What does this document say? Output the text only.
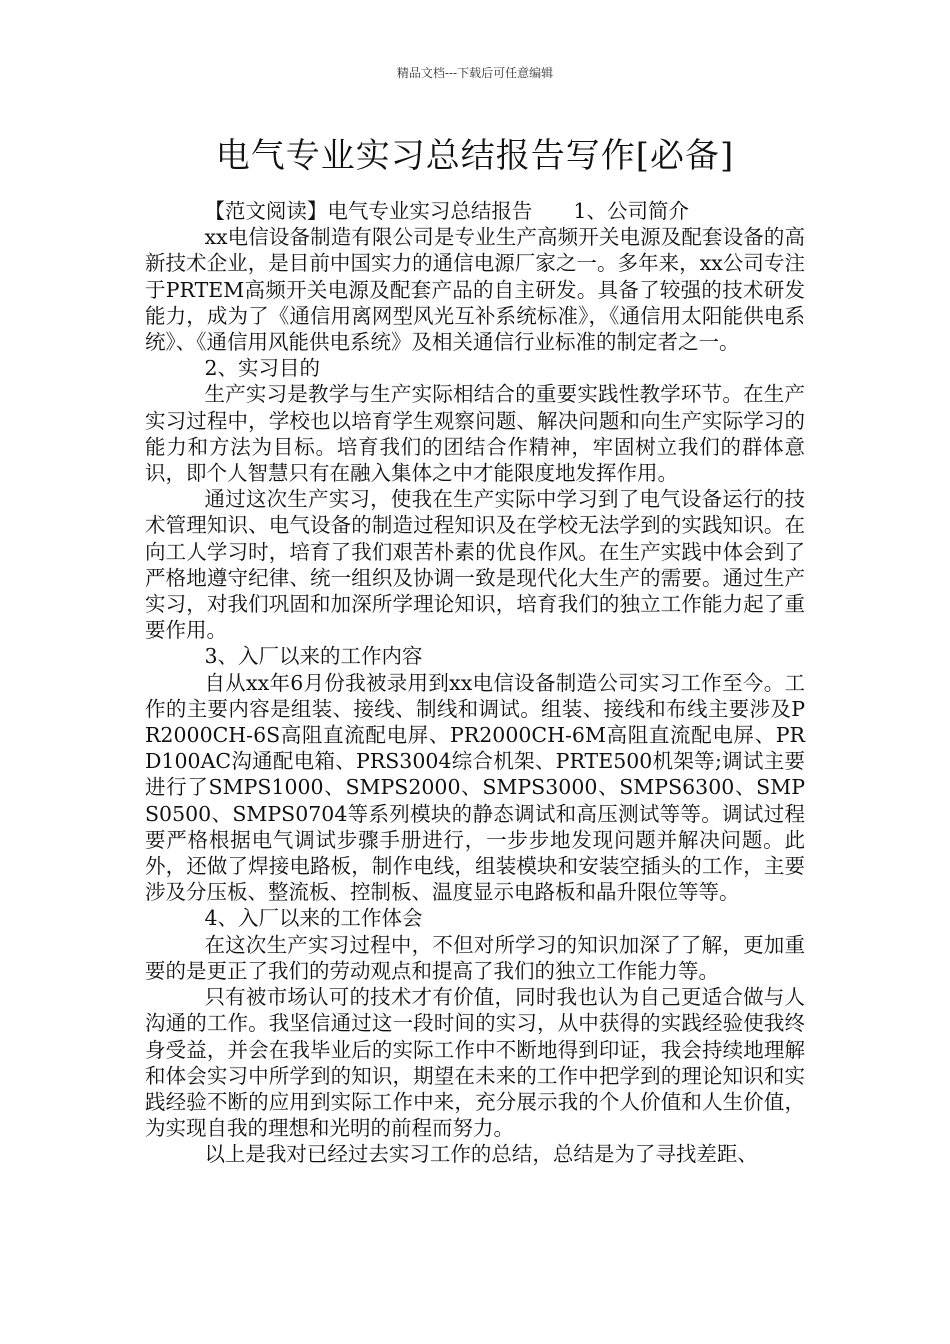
精品文档---下载后可任意编辑
电气专业实习总结报告写作[必备]

【范文阅读】电气专业实习总结报告　　1、公司简介

xx电信设备制造有限公司是专业生产高频开关电源及配套设备的高新技术企业，是目前中国实力的通信电源厂家之一。多年来，xx公司专注于PRTEM高频开关电源及配套产品的自主研发。具备了较强的技术研发能力，成为了《通信用离网型风光互补系统标准》，《通信用太阳能供电系统》、《通信用风能供电系统》及相关通信行业标准的制定者之一。

2、实习目的

生产实习是教学与生产实际相结合的重要实践性教学环节。在生产实习过程中，学校也以培育学生观察问题、解决问题和向生产实际学习的能力和方法为目标。培育我们的团结合作精神，牢固树立我们的群体意识，即个人智慧只有在融入集体之中才能限度地发挥作用。

通过这次生产实习，使我在生产实际中学习到了电气设备运行的技术管理知识、电气设备的制造过程知识及在学校无法学到的实践知识。在向工人学习时，培育了我们艰苦朴素的优良作风。在生产实践中体会到了严格地遵守纪律、统一组织及协调一致是现代化大生产的需要。通过生产实习，对我们巩固和加深所学理论知识，培育我们的独立工作能力起了重要作用。

3、入厂以来的工作内容

自从xx年6月份我被录用到xx电信设备制造公司实习工作至今。工作的主要内容是组装、接线、制线和调试。组装、接线和布线主要涉及PR2000CH-6S高阻直流配电屏、PR2000CH-6M高阻直流配电屏、PRD100AC沟通配电箱、PRS3004综合机架、PRTE500机架等;调试主要进行了SMPS1000、SMPS2000、SMPS3000、SMPS6300、SMPS0500、SMPS0704等系列模块的静态调试和高压测试等等。调试过程要严格根据电气调试步骤手册进行，一步步地发现问题并解决问题。此外，还做了焊接电路板，制作电线，组装模块和安装空插头的工作，主要涉及分压板、整流板、控制板、温度显示电路板和晶升限位等等。

4、入厂以来的工作体会

在这次生产实习过程中，不但对所学习的知识加深了了解，更加重要的是更正了我们的劳动观点和提高了我们的独立工作能力等。

只有被市场认可的技术才有价值，同时我也认为自己更适合做与人沟通的工作。我坚信通过这一段时间的实习，从中获得的实践经验使我终身受益，并会在我毕业后的实际工作中不断地得到印证，我会持续地理解和体会实习中所学到的知识，期望在未来的工作中把学到的理论知识和实践经验不断的应用到实际工作中来，充分展示我的个人价值和人生价值，为实现自我的理想和光明的前程而努力。

以上是我对已经过去实习工作的总结，总结是为了寻找差距、
